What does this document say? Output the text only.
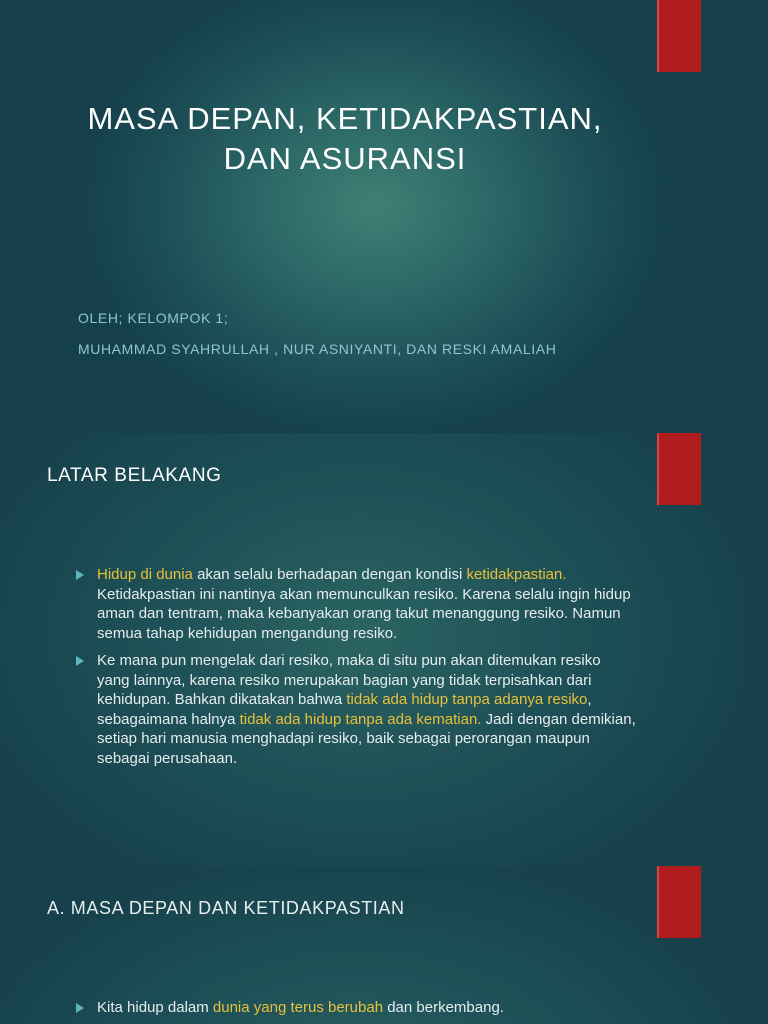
MASA DEPAN, KETIDAKPASTIAN,
DAN ASURANSI
OLEH; KELOMPOK 1;
MUHAMMAD SYAHRULLAH , NUR ASNIYANTI, DAN RESKI AMALIAH
LATAR BELAKANG
Hidup di dunia akan selalu berhadapan dengan kondisi ketidakpastian. Ketidakpastian ini nantinya akan memunculkan resiko. Karena selalu ingin hidup aman dan tentram, maka kebanyakan orang takut menanggung resiko. Namun semua tahap kehidupan mengandung resiko.
Ke mana pun mengelak dari resiko, maka di situ pun akan ditemukan resiko yang lainnya, karena resiko merupakan bagian yang tidak terpisahkan dari kehidupan. Bahkan dikatakan bahwa tidak ada hidup tanpa adanya resiko, sebagaimana halnya tidak ada hidup tanpa ada kematian. Jadi dengan demikian, setiap hari manusia menghadapi resiko, baik sebagai perorangan maupun sebagai perusahaan.
A. MASA DEPAN DAN KETIDAKPASTIAN
Kita hidup dalam dunia yang terus berubah dan berkembang.
